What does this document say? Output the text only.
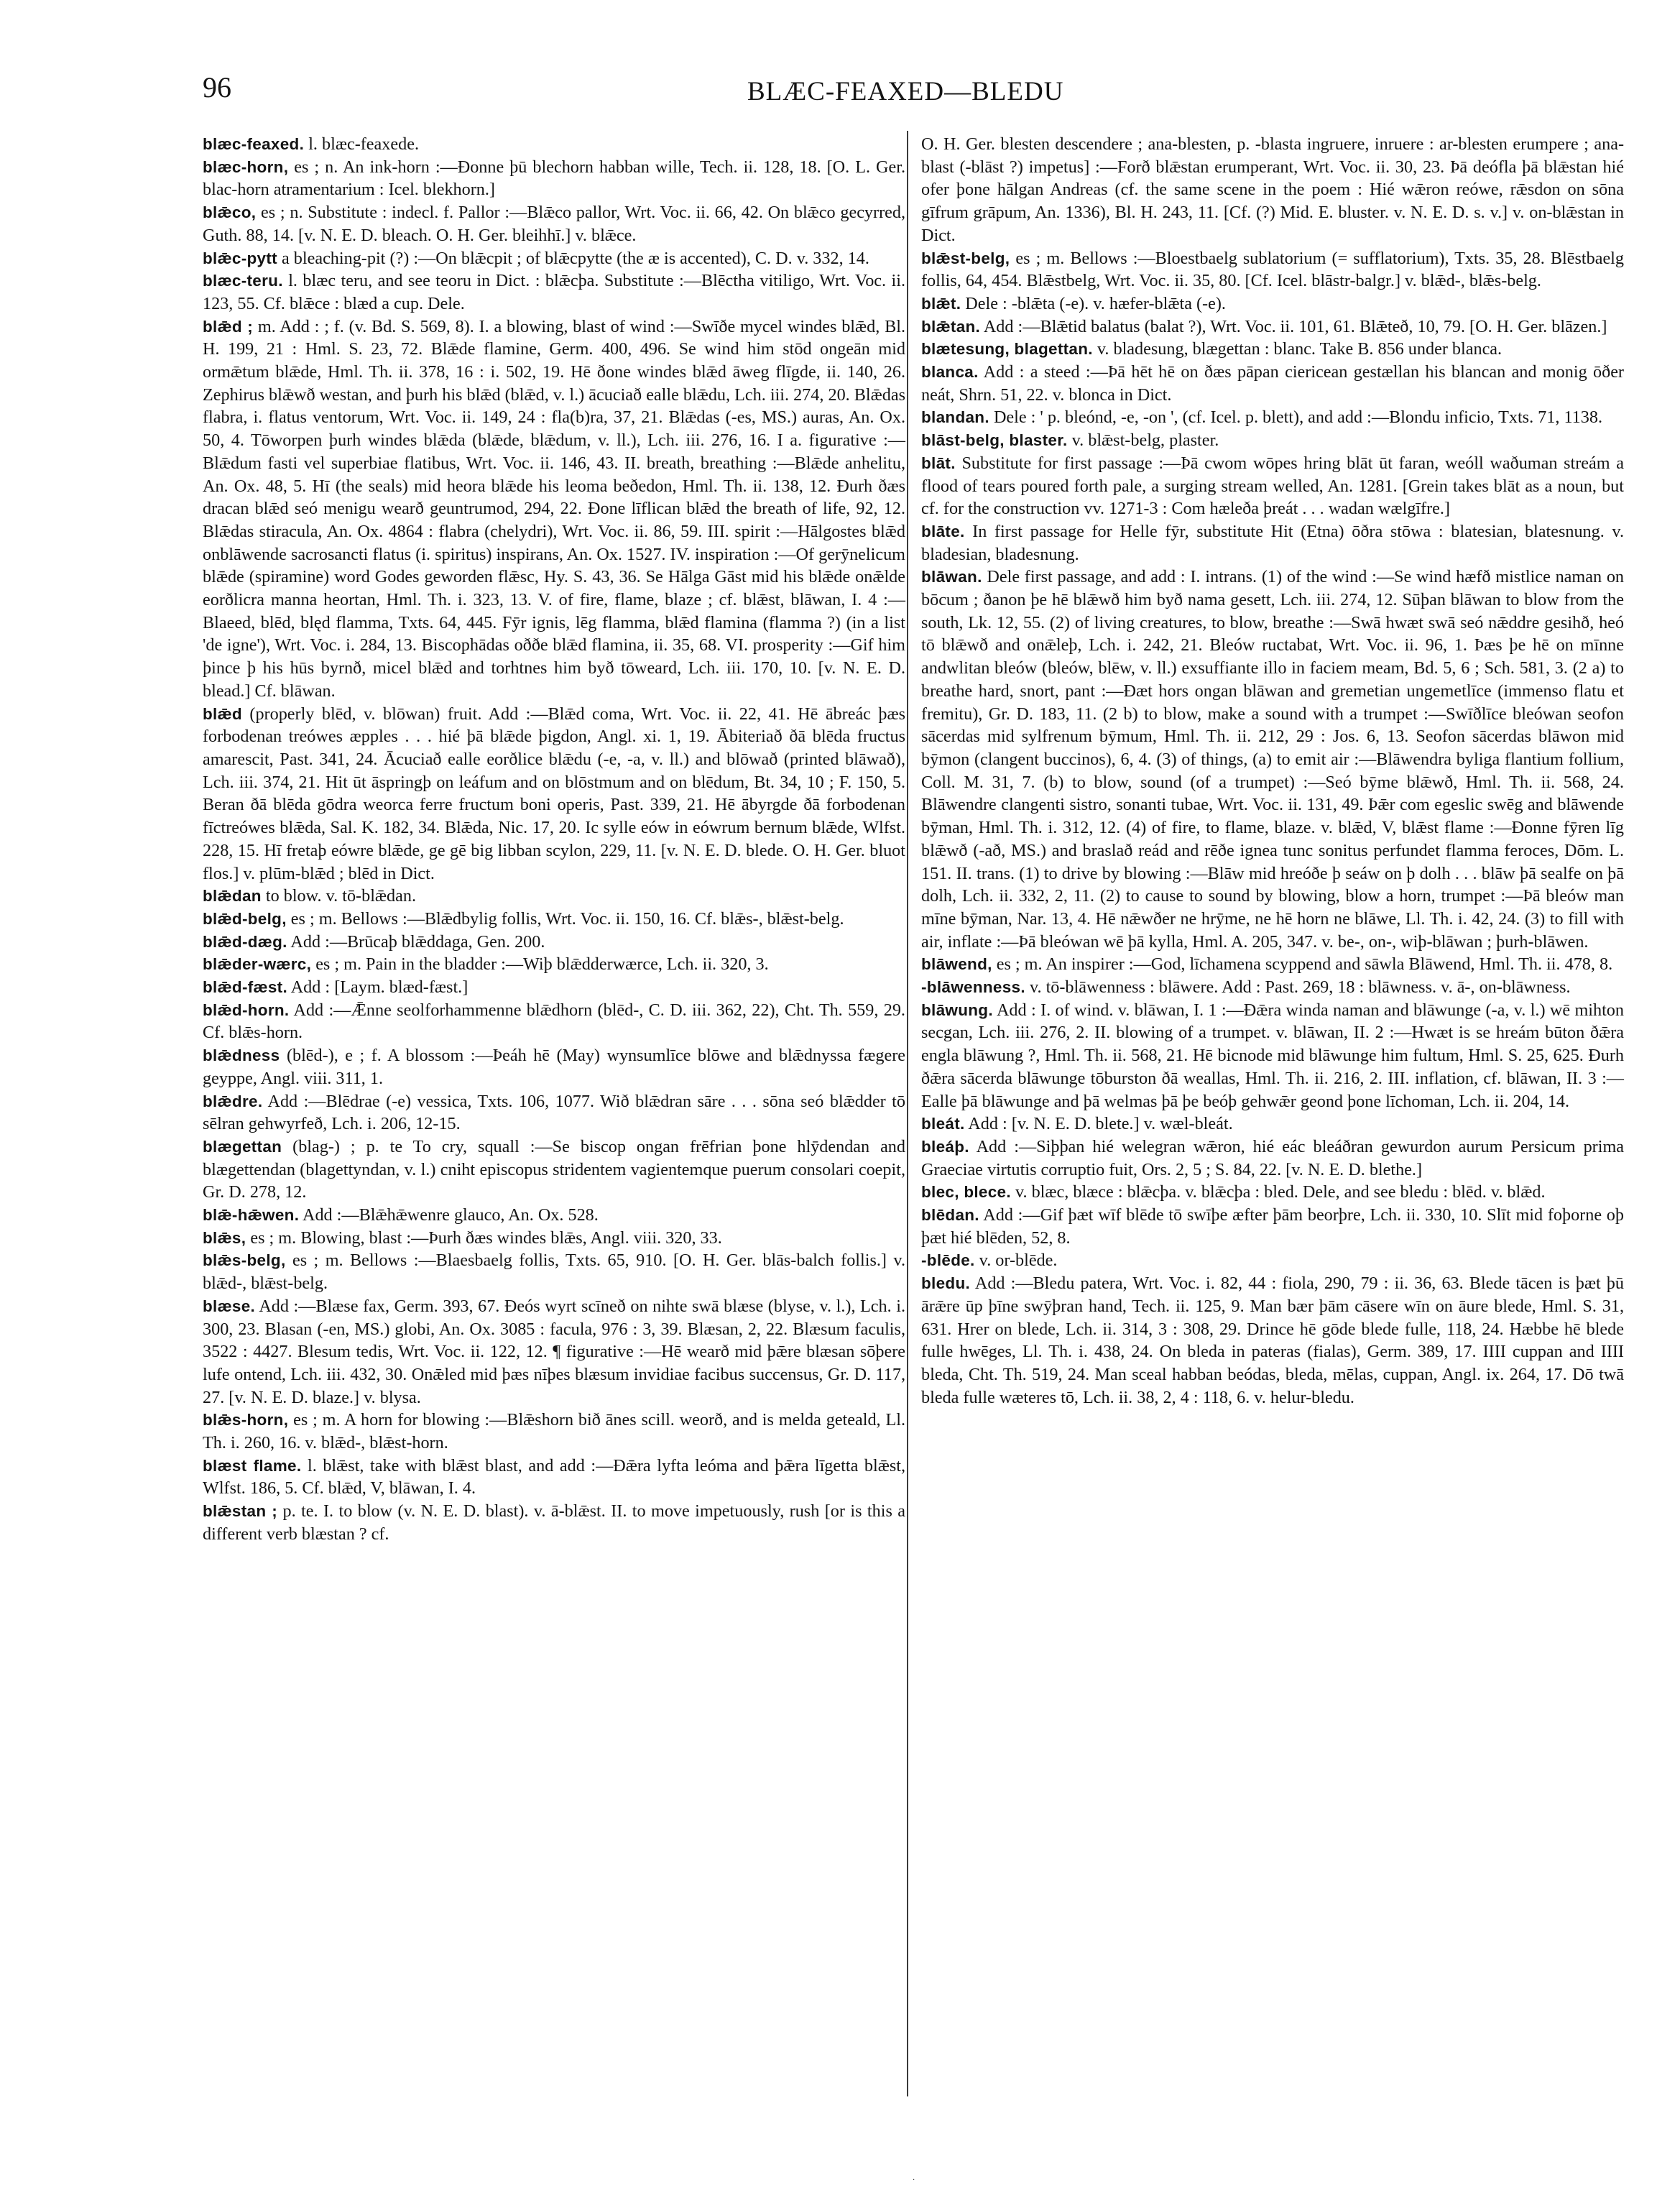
96	BLÆC-FEAXED—BLEDU

blæc-feaxed. l. blæc-feaxede.

blæc-horn, es ; n. An ink-horn :—Ðonne þū blechorn habban wille, Tech. ii. 128, 18. [O. L. Ger. blac-horn atramentarium : Icel. blekhorn.]

blǣco, es ; n. Substitute : indecl. f. Pallor :—Blǣco pallor, Wrt. Voc. ii. 66, 42. On blǣco gecyrred, Guth. 88, 14. [v. N. E. D. bleach. O. H. Ger. bleihhī.] v. blǣce.

blǣc-pytt a bleaching-pit (?) :—On blǣcpit ; of blǣcpytte (the æ is accented), C. D. v. 332, 14.

blæc-teru. l. blæc teru, and see teoru in Dict. : blǣcþa. Substitute :—Blēctha vitiligo, Wrt. Voc. ii. 123, 55. Cf. blǣce : blæd a cup. Dele.

blǣd ; m. Add : ; f. (v. Bd. S. 569, 8). I. a blowing, blast of wind :—Swīðe mycel windes blǣd, Bl. H. 199, 21 : Hml. S. 23, 72. Blǣde flamine, Germ. 400, 496. Se wind him stōd ongeān mid ormǣtum blǣde, Hml. Th. ii. 378, 16 : i. 502, 19. Hē ðone windes blǣd āweg flīgde, ii. 140, 26. Zephirus blǣwð westan, and þurh his blǣd (blǣd, v. l.) ācuciað ealle blǣdu, Lch. iii. 274, 20. Blǣdas flabra, i. flatus ventorum, Wrt. Voc. ii. 149, 24 : fla(b)ra, 37, 21. Blǣdas (-es, MS.) auras, An. Ox. 50, 4. Tōworpen þurh windes blǣda (blǣde, blǣdum, v. ll.), Lch. iii. 276, 16. I a. figurative :—Blǣdum fasti vel superbiae flatibus, Wrt. Voc. ii. 146, 43. II. breath, breathing :—Blǣde anhelitu, An. Ox. 48, 5. Hī (the seals) mid heora blǣde his leoma beðedon, Hml. Th. ii. 138, 12. Ðurh ðæs dracan blǣd seó menigu wearð geuntrumod, 294, 22. Ðone līflican blǣd the breath of life, 92, 12. Blǣdas stiracula, An. Ox. 4864 : flabra (chelydri), Wrt. Voc. ii. 86, 59. III. spirit :—Hālgostes blǣd onblāwende sacrosancti flatus (i. spiritus) inspirans, An. Ox. 1527. IV. inspiration :—Of gerȳnelicum blǣde (spiramine) word Godes geworden flǣsc, Hy. S. 43, 36. Se Hālga Gāst mid his blǣde onǣlde eorðlicra manna heortan, Hml. Th. i. 323, 13. V. of fire, flame, blaze ; cf. blǣst, blāwan, I. 4 :—Blaeed, blēd, blęd flamma, Txts. 64, 445. Fȳr ignis, lēg flamma, blǣd flamina (flamma ?) (in a list 'de igne'), Wrt. Voc. i. 284, 13. Biscophādas oððe blǣd flamina, ii. 35, 68. VI. prosperity :—Gif him þince þ his hūs byrnð, micel blǣd and torhtnes him byð tōweard, Lch. iii. 170, 10. [v. N. E. D. blead.] Cf. blāwan.

blǣd (properly blēd, v. blōwan) fruit. Add :—Blǣd coma, Wrt. Voc. ii. 22, 41. Hē ābreác þæs forbodenan treówes æpples . . . hié þā blǣde þigdon, Angl. xi. 1, 19. Ābiteriað ðā blēda fructus amarescit, Past. 341, 24. Ācuciað ealle eorðlice blǣdu (-e, -a, v. ll.) and blōwað (printed blāwað), Lch. iii. 374, 21. Hit ūt āspringþ on leáfum and on blōstmum and on blēdum, Bt. 34, 10 ; F. 150, 5. Beran ðā blēda gōdra weorca ferre fructum boni operis, Past. 339, 21. Hē ābyrgde ðā forbodenan fīctreówes blǣda, Sal. K. 182, 34. Blǣda, Nic. 17, 20. Ic sylle eów in eówrum bernum blǣde, Wlfst. 228, 15. Hī fretaþ eówre blǣde, ge gē big libban scylon, 229, 11. [v. N. E. D. blede. O. H. Ger. bluot flos.] v. plūm-blǣd ; blēd in Dict.

blǣdan to blow. v. tō-blǣdan.

blǣd-belg, es ; m. Bellows :—Blǣdbylig follis, Wrt. Voc. ii. 150, 16. Cf. blǣs-, blǣst-belg.

blǣd-dæg. Add :—Brūcaþ blǣddaga, Gen. 200.

blǣder-wærc, es ; m. Pain in the bladder :—Wiþ blǣdderwærce, Lch. ii. 320, 3.

blǣd-fæst. Add : [Laym. blæd-fæst.]

blǣd-horn. Add :—Ǣnne seolforhammenne blǣdhorn (blēd-, C. D. iii. 362, 22), Cht. Th. 559, 29. Cf. blǣs-horn.

blǣdness (blēd-), e ; f. A blossom :—Þeáh hē (May) wynsumlīce blōwe and blǣdnyssa fægere geyppe, Angl. viii. 311, 1.

blǣdre. Add :—Blēdrae (-e) vessica, Txts. 106, 1077. Wið blǣdran sāre . . . sōna seó blǣdder tō sēlran gehwyrfeð, Lch. i. 206, 12-15.

blægettan (blag-) ; p. te To cry, squall :—Se biscop ongan frēfrian þone hlȳdendan and blægettendan (blagettyndan, v. l.) cniht episcopus stridentem vagientemque puerum consolari coepit, Gr. D. 278, 12.

blǣ-hǣwen. Add :—Blǣhǣwenre glauco, An. Ox. 528.

blǣs, es ; m. Blowing, blast :—Þurh ðæs windes blǣs, Angl. viii. 320, 33.

blǣs-belg, es ; m. Bellows :—Blaesbaelg follis, Txts. 65, 910. [O. H. Ger. blās-balch follis.] v. blǣd-, blǣst-belg.

blæse. Add :—Blæse fax, Germ. 393, 67. Ðeós wyrt scīneð on nihte swā blæse (blyse, v. l.), Lch. i. 300, 23. Blasan (-en, MS.) globi, An. Ox. 3085 : facula, 976 : 3, 39. Blæsan, 2, 22. Blæsum faculis, 3522 : 4427. Blesum tedis, Wrt. Voc. ii. 122, 12. ¶ figurative :—Hē wearð mid þǣre blæsan sōþere lufe ontend, Lch. iii. 432, 30. Onǣled mid þæs nīþes blæsum invidiae facibus succensus, Gr. D. 117, 27. [v. N. E. D. blaze.] v. blysa.

blǣs-horn, es ; m. A horn for blowing :—Blǣshorn bið ānes scill. weorð, and is melda geteald, Ll. Th. i. 260, 16. v. blǣd-, blǣst-horn.

blæst flame. l. blǣst, take with blǣst blast, and add :—Ðǣra lyfta leóma and þǣra līgetta blǣst, Wlfst. 186, 5. Cf. blǣd, V, blāwan, I. 4.

blǣstan ; p. te. I. to blow (v. N. E. D. blast). v. ā-blǣst. II. to move impetuously, rush [or is this a different verb blæstan ? cf.

O. H. Ger. blesten descendere ; ana-blesten, p. -blasta ingruere, inruere : ar-blesten erumpere ; ana-blast (-blāst ?) impetus] :—Forð blǣstan erumperant, Wrt. Voc. ii. 30, 23. Þā deófla þā blǣstan hié ofer þone hālgan Andreas (cf. the same scene in the poem : Hié wǣron reówe, rǣsdon on sōna gīfrum grāpum, An. 1336), Bl. H. 243, 11. [Cf. (?) Mid. E. bluster. v. N. E. D. s. v.] v. on-blǣstan in Dict.

blǣst-belg, es ; m. Bellows :—Bloestbaelg sublatorium (= sufflatorium), Txts. 35, 28. Blēstbaelg follis, 64, 454. Blǣstbelg, Wrt. Voc. ii. 35, 80. [Cf. Icel. blāstr-balgr.] v. blǣd-, blǣs-belg.

blǣt. Dele : -blǣta (-e). v. hæfer-blǣta (-e).

blǣtan. Add :—Blǣtid balatus (balat ?), Wrt. Voc. ii. 101, 61. Blǣteð, 10, 79. [O. H. Ger. blāzen.]

blætesung, blagettan. v. bladesung, blægettan : blanc. Take B. 856 under blanca.

blanca. Add : a steed :—Þā hēt hē on ðæs pāpan ciericean gestællan his blancan and monig ōðer neát, Shrn. 51, 22. v. blonca in Dict.

blandan. Dele : ' p. bleónd, -e, -on ', (cf. Icel. p. blett), and add :—Blondu inficio, Txts. 71, 1138.

blāst-belg, blaster. v. blǣst-belg, plaster.

blāt. Substitute for first passage :—Þā cwom wōpes hring blāt ūt faran, weóll waðuman streám a flood of tears poured forth pale, a surging stream welled, An. 1281. [Grein takes blāt as a noun, but cf. for the construction vv. 1271-3 : Com hæleða þreát . . . wadan wælgīfre.]

blāte. In first passage for Helle fȳr, substitute Hit (Etna) ōðra stōwa : blatesian, blatesnung. v. bladesian, bladesnung.

blāwan. Dele first passage, and add : I. intrans. (1) of the wind :—Se wind hæfð mistlice naman on bōcum ; ðanon þe hē blǣwð him byð nama gesett, Lch. iii. 274, 12. Sūþan blāwan to blow from the south, Lk. 12, 55. (2) of living creatures, to blow, breathe :—Swā hwæt swā seó nǣddre gesihð, heó tō blǣwð and onǣleþ, Lch. i. 242, 21. Bleów ructabat, Wrt. Voc. ii. 96, 1. Þæs þe hē on mīnne andwlitan bleów (bleów, blēw, v. ll.) exsuffiante illo in faciem meam, Bd. 5, 6 ; Sch. 581, 3. (2 a) to breathe hard, snort, pant :—Ðæt hors ongan blāwan and gremetian ungemetlīce (immenso flatu et fremitu), Gr. D. 183, 11. (2 b) to blow, make a sound with a trumpet :—Swīðlīce bleówan seofon sācerdas mid sylfrenum bȳmum, Hml. Th. ii. 212, 29 : Jos. 6, 13. Seofon sācerdas blāwon mid bȳmon (clangent buccinos), 6, 4. (3) of things, (a) to emit air :—Blāwendra byliga flantium follium, Coll. M. 31, 7. (b) to blow, sound (of a trumpet) :—Seó bȳme blǣwð, Hml. Th. ii. 568, 24. Blāwendre clangenti sistro, sonanti tubae, Wrt. Voc. ii. 131, 49. Þǣr com egeslic swēg and blāwende bȳman, Hml. Th. i. 312, 12. (4) of fire, to flame, blaze. v. blǣd, V, blǣst flame :—Ðonne fȳren līg blǣwð (-að, MS.) and braslað reád and rēðe ignea tunc sonitus perfundet flamma feroces, Dōm. L. 151. II. trans. (1) to drive by blowing :—Blāw mid hreóðe þ seáw on þ dolh . . . blāw þā sealfe on þā dolh, Lch. ii. 332, 2, 11. (2) to cause to sound by blowing, blow a horn, trumpet :—Þā bleów man mīne bȳman, Nar. 13, 4. Hē nǣwðer ne hrȳme, ne hē horn ne blāwe, Ll. Th. i. 42, 24. (3) to fill with air, inflate :—Þā bleówan wē þā kylla, Hml. A. 205, 347. v. be-, on-, wiþ-blāwan ; þurh-blāwen.

blāwend, es ; m. An inspirer :—God, līchamena scyppend and sāwla Blāwend, Hml. Th. ii. 478, 8.

-blāwenness. v. tō-blāwenness : blāwere. Add : Past. 269, 18 : blāwness. v. ā-, on-blāwness.

blāwung. Add : I. of wind. v. blāwan, I. 1 :—Ðǣra winda naman and blāwunge (-a, v. l.) wē mihton secgan, Lch. iii. 276, 2. II. blowing of a trumpet. v. blāwan, II. 2 :—Hwæt is se hreám būton ðǣra engla blāwung ?, Hml. Th. ii. 568, 21. Hē bicnode mid blāwunge him fultum, Hml. S. 25, 625. Ðurh ðǣra sācerda blāwunge tōburston ðā weallas, Hml. Th. ii. 216, 2. III. inflation, cf. blāwan, II. 3 :—Ealle þā blāwunge and þā welmas þā þe beóþ gehwǣr geond þone līchoman, Lch. ii. 204, 14.

bleát. Add : [v. N. E. D. blete.] v. wæl-bleát.

bleáþ. Add :—Siþþan hié welegran wǣron, hié eác bleáðran gewurdon aurum Persicum prima Graeciae virtutis corruptio fuit, Ors. 2, 5 ; S. 84, 22. [v. N. E. D. blethe.]

blec, blece. v. blæc, blæce : blǣcþa. v. blǣcþa : bled. Dele, and see bledu : blēd. v. blǣd.

blēdan. Add :—Gif þæt wīf blēde tō swīþe æfter þām beorþre, Lch. ii. 330, 10. Slīt mid foþorne oþ þæt hié blēden, 52, 8.

-blēde. v. or-blēde.

bledu. Add :—Bledu patera, Wrt. Voc. i. 82, 44 : fiola, 290, 79 : ii. 36, 63. Blede tācen is þæt þū ārǣre ūp þīne swȳþran hand, Tech. ii. 125, 9. Man bær þām cāsere wīn on āure blede, Hml. S. 31, 631. Hrer on blede, Lch. ii. 314, 3 : 308, 29. Drince hē gōde blede fulle, 118, 24. Hæbbe hē blede fulle hwēges, Ll. Th. i. 438, 24. On bleda in pateras (fialas), Germ. 389, 17. IIII cuppan and IIII bleda, Cht. Th. 519, 24. Man sceal habban beódas, bleda, mēlas, cuppan, Angl. ix. 264, 17. Dō twā bleda fulle wæteres tō, Lch. ii. 38, 2, 4 : 118, 6. v. helur-bledu.

·
